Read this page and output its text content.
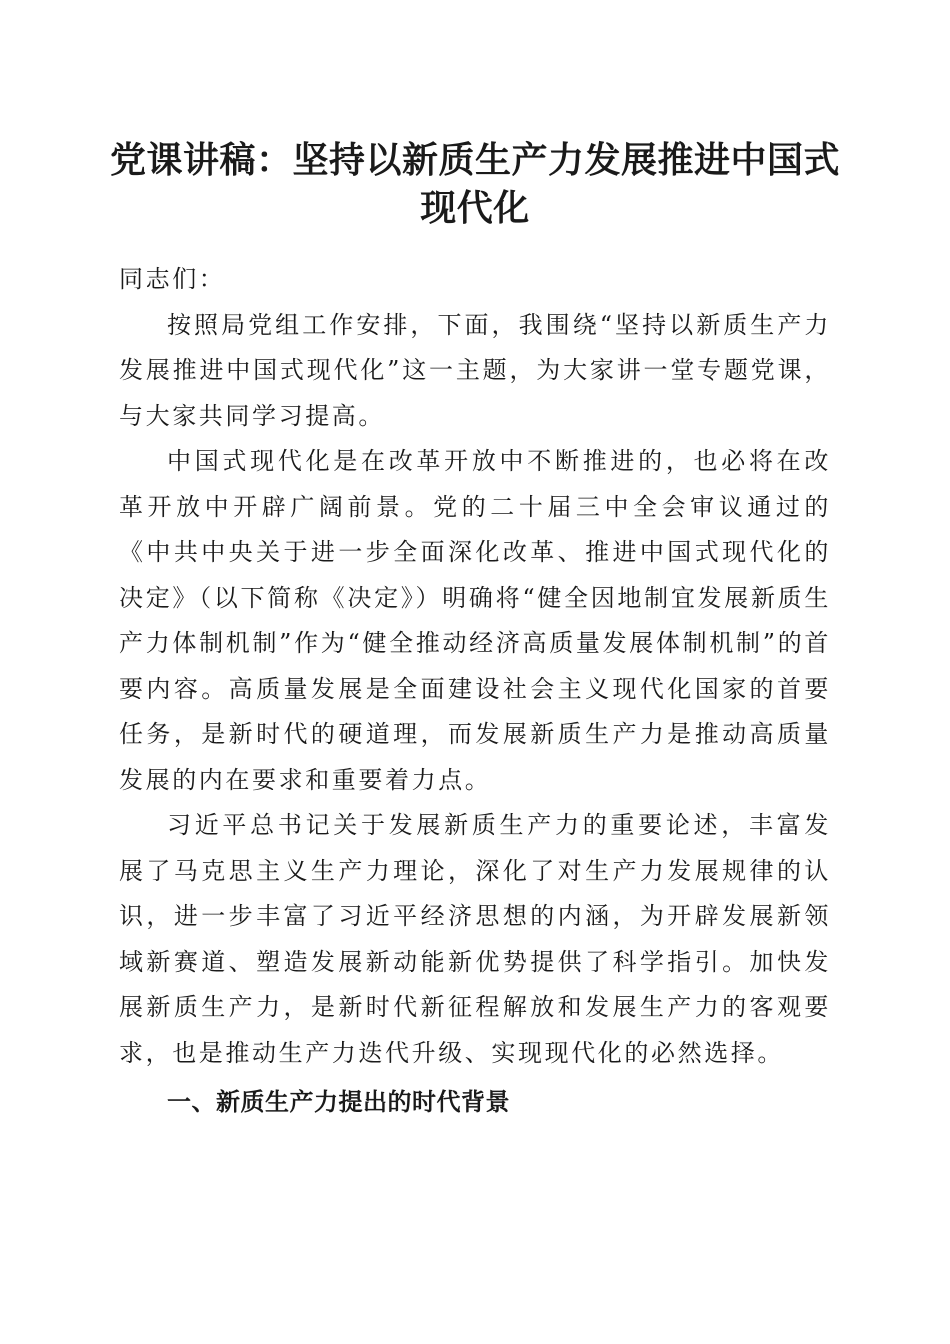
党课讲稿：坚持以新质生产力发展推进中国式现代化

同志们：

按照局党组工作安排，下面，我围绕“坚持以新质生产力发展推进中国式现代化”这一主题，为大家讲一堂专题党课，与大家共同学习提高。

中国式现代化是在改革开放中不断推进的，也必将在改革开放中开辟广阔前景。党的二十届三中全会审议通过的《中共中央关于进一步全面深化改革、推进中国式现代化的决定》（以下简称《决定》）明确将“健全因地制宜发展新质生产力体制机制”作为“健全推动经济高质量发展体制机制”的首要内容。高质量发展是全面建设社会主义现代化国家的首要任务，是新时代的硬道理，而发展新质生产力是推动高质量发展的内在要求和重要着力点。

习近平总书记关于发展新质生产力的重要论述，丰富发展了马克思主义生产力理论，深化了对生产力发展规律的认识，进一步丰富了习近平经济思想的内涵，为开辟发展新领域新赛道、塑造发展新动能新优势提供了科学指引。加快发展新质生产力，是新时代新征程解放和发展生产力的客观要求，也是推动生产力迭代升级、实现现代化的必然选择。

一、新质生产力提出的时代背景
